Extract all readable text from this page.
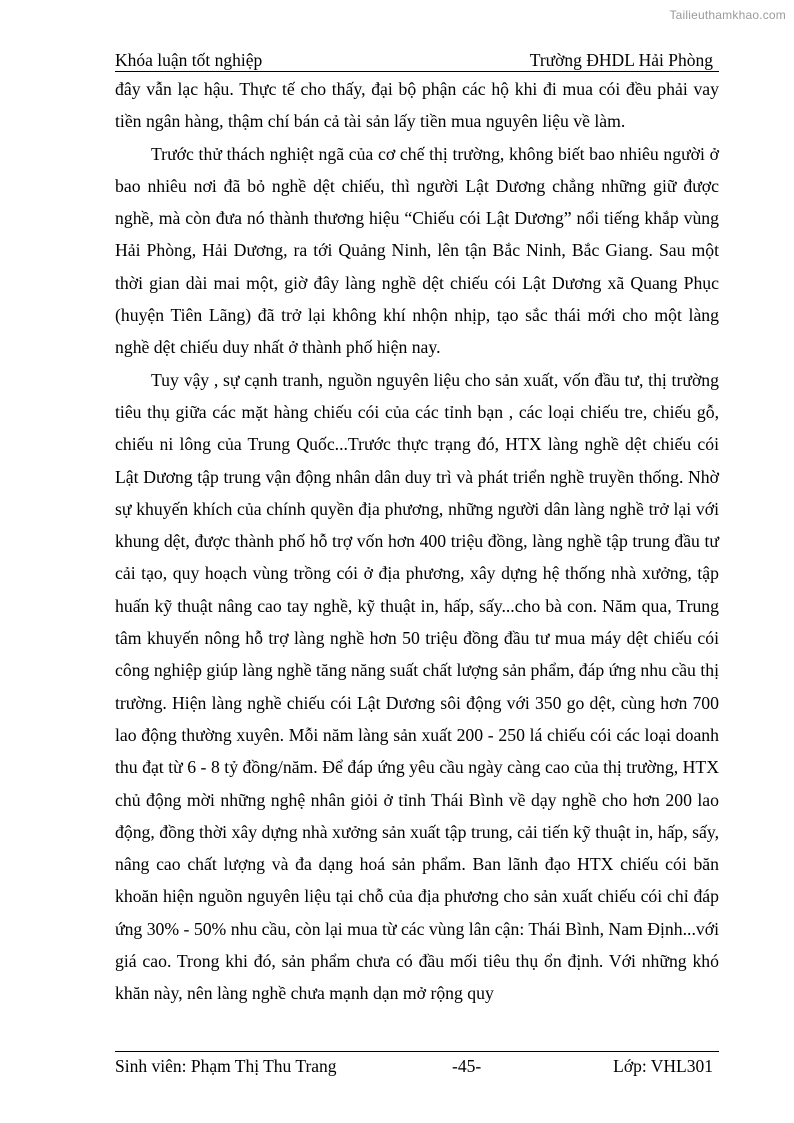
Tailieuthamkhao.com
Khóa luận tốt nghiệp	Trường ĐHDL Hải Phòng

đây vẫn lạc hậu. Thực tế cho thấy, đại bộ phận các hộ khi đi mua cói đều phải vay tiền ngân hàng, thậm chí bán cả tài sản lấy tiền mua nguyên liệu về làm.

Trước thử thách nghiệt ngã của cơ chế thị trường, không biết bao nhiêu người ở bao nhiêu nơi đã bỏ nghề dệt chiếu, thì người Lật Dương chẳng những giữ được nghề, mà còn đưa nó thành thương hiệu “Chiếu cói Lật Dương” nổi tiếng khắp vùng Hải Phòng, Hải Dương, ra tới Quảng Ninh, lên tận Bắc Ninh, Bắc Giang. Sau một thời gian dài mai một, giờ đây làng nghề dệt chiếu cói Lật Dương xã Quang Phục (huyện Tiên Lãng) đã trở lại không khí nhộn nhịp, tạo sắc thái mới cho một làng nghề dệt chiếu duy nhất ở thành phố hiện nay.

Tuy vậy , sự cạnh tranh, nguồn nguyên liệu cho sản xuất, vốn đầu tư, thị trường tiêu thụ giữa các mặt hàng chiếu cói của các tỉnh bạn , các loại chiếu tre, chiếu gỗ, chiếu ni lông của Trung Quốc...Trước thực trạng đó, HTX làng nghề dệt chiếu cói Lật Dương tập trung vận động nhân dân duy trì và phát triển nghề truyền thống. Nhờ sự khuyến khích của chính quyền địa phương, những người dân làng nghề trở lại với khung dệt, được thành phố hỗ trợ vốn hơn 400 triệu đồng, làng nghề tập trung đầu tư cải tạo, quy hoạch vùng trồng cói ở địa phương, xây dựng hệ thống nhà xưởng, tập huấn kỹ thuật nâng cao tay nghề, kỹ thuật in, hấp, sấy...cho bà con. Năm qua, Trung tâm khuyến nông hỗ trợ làng nghề hơn 50 triệu đồng đầu tư mua máy dệt chiếu cói công nghiệp giúp làng nghề tăng năng suất chất lượng sản phẩm, đáp ứng nhu cầu thị trường. Hiện làng nghề chiếu cói Lật Dương sôi động với 350 go dệt, cùng hơn 700 lao động thường xuyên. Mỗi năm làng sản xuất 200 - 250 lá chiếu cói các loại doanh thu đạt từ 6 - 8 tỷ đồng/năm. Để đáp ứng yêu cầu ngày càng cao của thị trường, HTX chủ động mời những nghệ nhân giỏi ở tỉnh Thái Bình về dạy nghề cho hơn 200 lao động, đồng thời xây dựng nhà xưởng sản xuất tập trung, cải tiến kỹ thuật in, hấp, sấy, nâng cao chất lượng và đa dạng hoá sản phẩm. Ban lãnh đạo HTX chiếu cói băn khoăn hiện nguồn nguyên liệu tại chỗ của địa phương cho sản xuất chiếu cói chỉ đáp ứng 30% - 50% nhu cầu, còn lại mua từ các vùng lân cận: Thái Bình, Nam Định...với giá cao. Trong khi đó, sản phẩm chưa có đầu mối tiêu thụ ổn định. Với những khó khăn này, nên làng nghề chưa mạnh dạn mở rộng quy

Sinh viên: Phạm Thị Thu Trang	-45-	Lớp: VHL301
